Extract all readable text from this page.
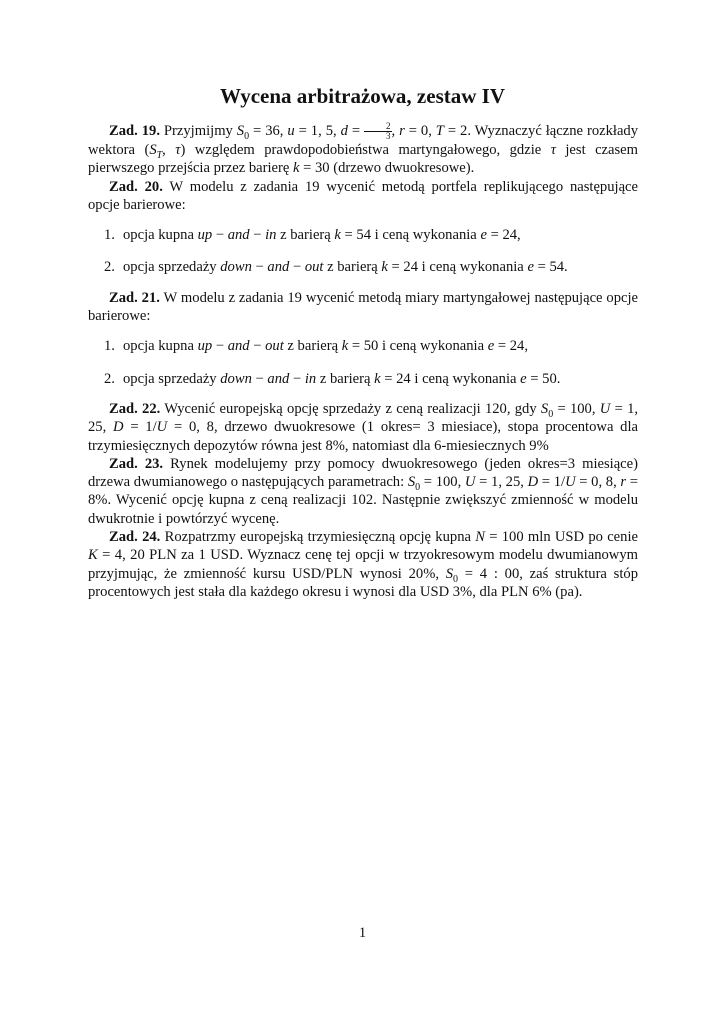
Wycena arbitrażowa, zestaw IV

Zad. 19. Przyjmijmy $S_0 = 36$, u = 1, 5, $d = \frac{2}{3}$ , r = 0, T = 2. Wyznaczyć łączne rozkłady wektora ($S_T$, τ) względem prawdopodobieństwa martyngałowego, gdzie τ jest czasem pierwszego przejścia przez barierę k = 30 (drzewo dwuokresowe).

Zad. 20. W modelu z zadania 19 wycenić metodą portfela replikującego następujące opcje barierowe:

1. opcja kupna up − and − in z barierą k = 54 i ceną wykonania e = 24,
2. opcja sprzedaży down − and − out z barierą k = 24 i ceną wykonania e = 54.

Zad. 21. W modelu z zadania 19 wycenić metodą miary martyngałowej następujące opcje barierowe:

1. opcja kupna up − and − out z barierą k = 50 i ceną wykonania e = 24,
2. opcja sprzedaży down − and − in z barierą k = 24 i ceną wykonania e = 50.

Zad. 22. Wycenić europejską opcję sprzedaży z ceną realizacji 120, gdy $S_0 = 100$, U = 1, 25, D = 1/U = 0, 8, drzewo dwuokresowe (1 okres= 3 miesiace), stopa procentowa dla trzymiesięcznych depozytów równa jest 8%, natomiast dla 6-miesiecznych 9%

Zad. 23. Rynek modelujemy przy pomocy dwuokresowego (jeden okres=3 miesiące) drzewa dwumianowego o następujących parametrach: $S_0 = 100$, U = 1, 25, D = 1/U = 0, 8, r = 8%. Wycenić opcję kupna z ceną realizacji 102. Następnie zwiększyć zmienność w modelu dwukrotnie i powtórzyć wycenę.

Zad. 24. Rozpatrzmy europejską trzymiesięczną opcję kupna N = 100 mln USD po cenie K = 4, 20 PLN za 1 USD. Wyznacz cenę tej opcji w trzyokresowym modelu dwumianowym przyjmując, że zmienność kursu USD/PLN wynosi 20%, $S_0 = 4$ : 00, zaś struktura stóp procentowych jest stała dla każdego okresu i wynosi dla USD 3%, dla PLN 6% (pa).

1
